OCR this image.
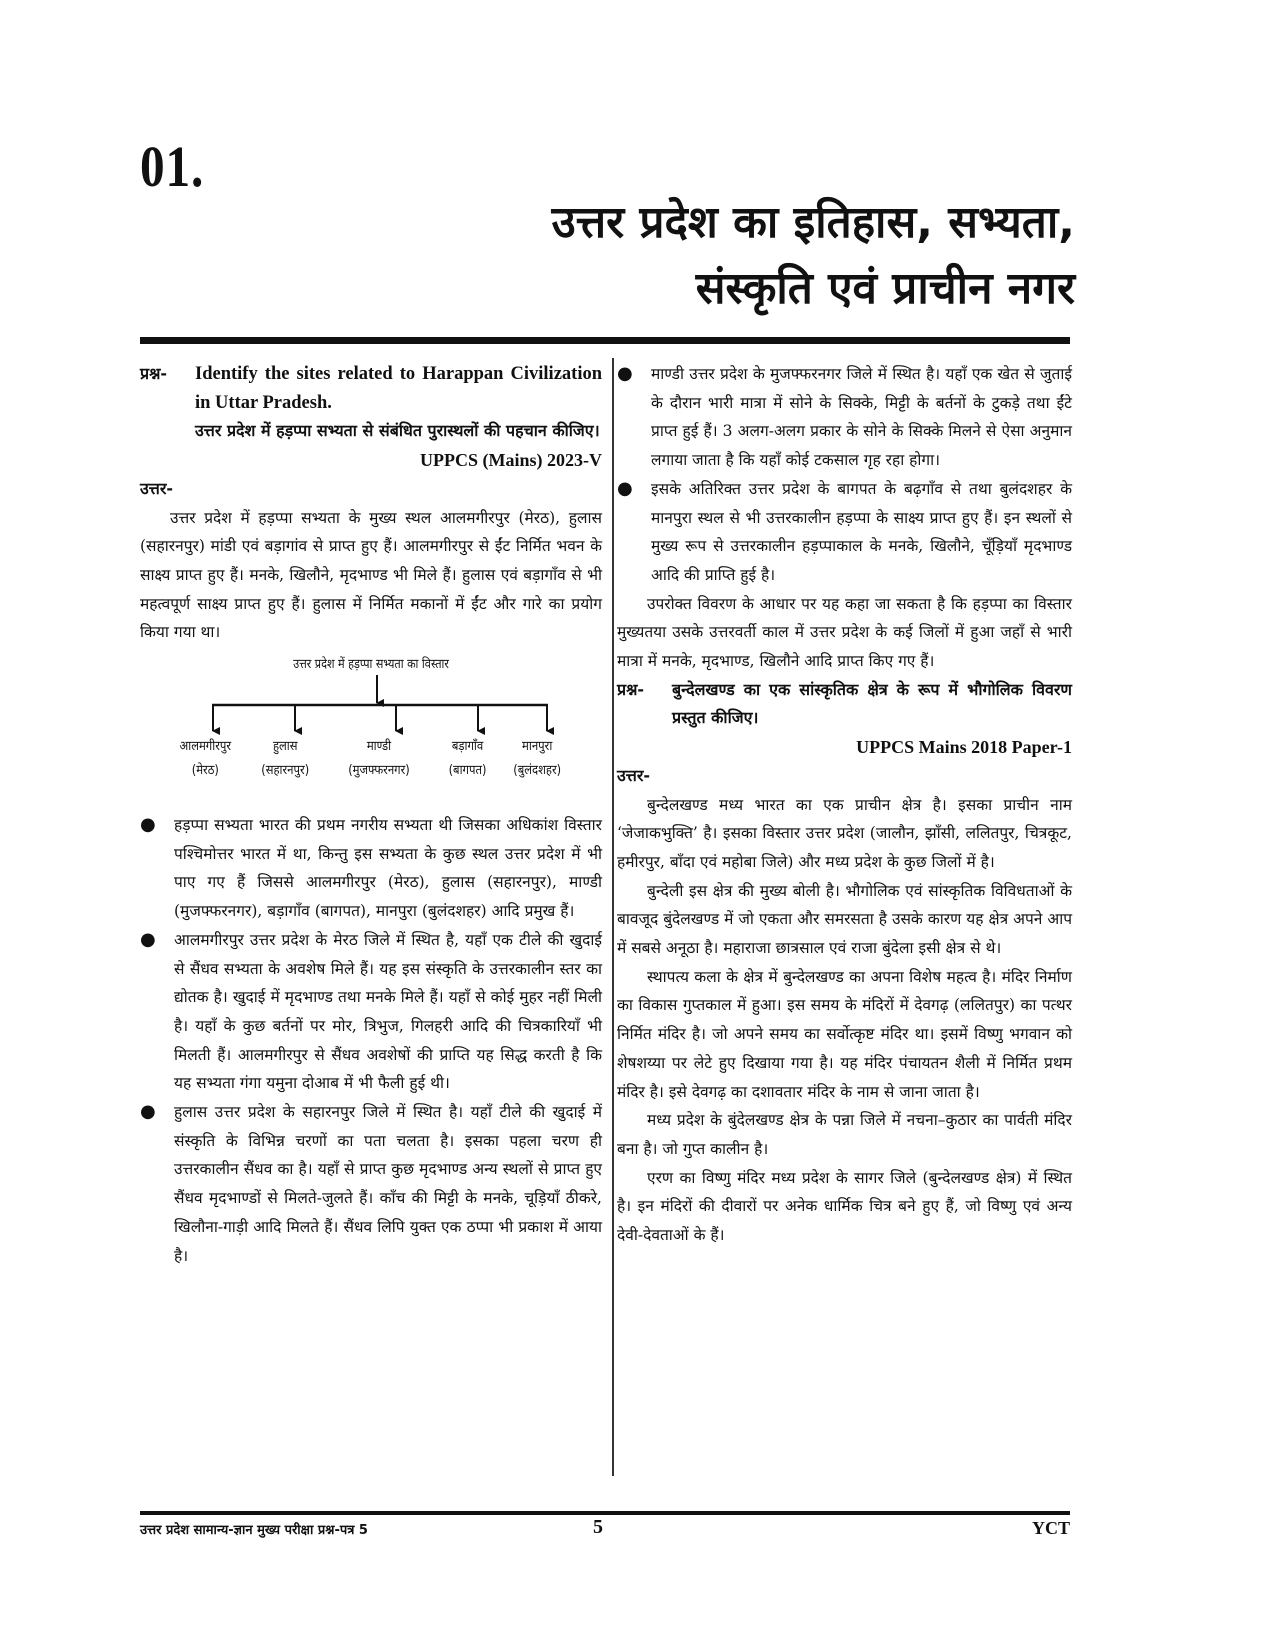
01.
उत्तर प्रदेश का इतिहास, सभ्यता,
संस्कृति एवं प्राचीन नगर
प्रश्न-	Identify the sites related to Harappan Civilization in Uttar Pradesh.
उत्तर प्रदेश में हड़प्पा सभ्यता से संबंधित पुरास्थलों की पहचान कीजिए।
UPPCS (Mains) 2023-V
उत्तर-

उत्तर प्रदेश में हड़प्पा सभ्यता के मुख्य स्थल आलमगीरपुर (मेरठ), हुलास (सहारनपुर) मांडी एवं बड़ागांव से प्राप्त हुए हैं। आलमगीरपुर से ईंट निर्मित भवन के साक्ष्य प्राप्त हुए हैं। मनके, खिलौने, मृदभाण्ड भी मिले हैं। हुलास एवं बड़ागाँव से भी महत्वपूर्ण साक्ष्य प्राप्त हुए हैं। हुलास में निर्मित मकानों में ईंट और गारे का प्रयोग किया गया था।

उत्तर प्रदेश में हड़प्पा सभ्यता का विस्तार
आलमगीरपुर
(मेरठ)
हुलास
(सहारनपुर)
माण्डी
(मुजफ्फरनगर)
बड़ागाँव
(बागपत)
मानपुरा
(बुलंदशहर)
●	हड़प्पा सभ्यता भारत की प्रथम नगरीय सभ्यता थी जिसका अधिकांश विस्तार पश्चिमोत्तर भारत में था, किन्तु इस सभ्यता के कुछ स्थल उत्तर प्रदेश में भी पाए गए हैं जिससे आलमगीरपुर (मेरठ), हुलास (सहारनपुर), माण्डी (मुजफ्फरनगर), बड़ागाँव (बागपत), मानपुरा (बुलंदशहर) आदि प्रमुख हैं।
●	आलमगीरपुर उत्तर प्रदेश के मेरठ जिले में स्थित है, यहाँ एक टीले की खुदाई से सैंधव सभ्यता के अवशेष मिले हैं। यह इस संस्कृति के उत्तरकालीन स्तर का द्योतक है। खुदाई में मृदभाण्ड तथा मनके मिले हैं। यहाँ से कोई मुहर नहीं मिली है। यहाँ के कुछ बर्तनों पर मोर, त्रिभुज, गिलहरी आदि की चित्रकारियाँ भी मिलती हैं। आलमगीरपुर से सैंधव अवशेषों की प्राप्ति यह सिद्ध करती है कि यह सभ्यता गंगा यमुना दोआब में भी फैली हुई थी।
●	हुलास उत्तर प्रदेश के सहारनपुर जिले में स्थित है। यहाँ टीले की खुदाई में संस्कृति के विभिन्न चरणों का पता चलता है। इसका पहला चरण ही उत्तरकालीन सैंधव का है। यहाँ से प्राप्त कुछ मृदभाण्ड अन्य स्थलों से प्राप्त हुए सैंधव मृदभाण्डों से मिलते-जुलते हैं। काँच की मिट्टी के मनके, चूड़ियाँ ठीकरे, खिलौना-गाड़ी आदि मिलते हैं। सैंधव लिपि युक्त एक ठप्पा भी प्रकाश में आया है।
●	माण्डी उत्तर प्रदेश के मुजफ्फरनगर जिले में स्थित है। यहाँ एक खेत से जुताई के दौरान भारी मात्रा में सोने के सिक्के, मिट्टी के बर्तनों के टुकड़े तथा ईंटे प्राप्त हुई हैं। 3 अलग-अलग प्रकार के सोने के सिक्के मिलने से ऐसा अनुमान लगाया जाता है कि यहाँ कोई टकसाल गृह रहा होगा।
●	इसके अतिरिक्त उत्तर प्रदेश के बागपत के बढ़गाँव से तथा बुलंदशहर के मानपुरा स्थल से भी उत्तरकालीन हड़प्पा के साक्ष्य प्राप्त हुए हैं। इन स्थलों से मुख्य रूप से उत्तरकालीन हड़प्पाकाल के मनके, खिलौने, चूँड़ियाँ मृदभाण्ड आदि की प्राप्ति हुई है।

उपरोक्त विवरण के आधार पर यह कहा जा सकता है कि हड़प्पा का विस्तार मुख्यतया उसके उत्तरवर्ती काल में उत्तर प्रदेश के कई जिलों में हुआ जहाँ से भारी मात्रा में मनके, मृदभाण्ड, खिलौने आदि प्राप्त किए गए हैं।

प्रश्न-	बुन्देलखण्ड का एक सांस्कृतिक क्षेत्र के रूप में भौगोलिक विवरण प्रस्तुत कीजिए।
UPPCS Mains 2018 Paper-1
उत्तर-

बुन्देलखण्ड मध्य भारत का एक प्राचीन क्षेत्र है। इसका प्राचीन नाम ‘जेजाकभुक्ति’ है। इसका विस्तार उत्तर प्रदेश (जालौन, झाँसी, ललितपुर, चित्रकूट, हमीरपुर, बाँदा एवं महोबा जिले) और मध्य प्रदेश के कुछ जिलों में है।

बुन्देली इस क्षेत्र की मुख्य बोली है। भौगोलिक एवं सांस्कृतिक विविधताओं के बावजूद बुंदेलखण्ड में जो एकता और समरसता है उसके कारण यह क्षेत्र अपने आप में सबसे अनूठा है। महाराजा छात्रसाल एवं राजा बुंदेला इसी क्षेत्र से थे।

स्थापत्य कला के क्षेत्र में बुन्देलखण्ड का अपना विशेष महत्व है। मंदिर निर्माण का विकास गुप्तकाल में हुआ। इस समय के मंदिरों में देवगढ़ (ललितपुर) का पत्थर निर्मित मंदिर है। जो अपने समय का सर्वोत्कृष्ट मंदिर था। इसमें विष्णु भगवान को शेषशय्या पर लेटे हुए दिखाया गया है। यह मंदिर पंचायतन शैली में निर्मित प्रथम मंदिर है। इसे देवगढ़ का दशावतार मंदिर के नाम से जाना जाता है।

मध्य प्रदेश के बुंदेलखण्ड क्षेत्र के पन्ना जिले में नचना–कुठार का पार्वती मंदिर बना है। जो गुप्त कालीन है।

एरण का विष्णु मंदिर मध्य प्रदेश के सागर जिले (बुन्देलखण्ड क्षेत्र) में स्थित है। इन मंदिरों की दीवारों पर अनेक धार्मिक चित्र बने हुए हैं, जो विष्णु एवं अन्य देवी-देवताओं के हैं।

उत्तर प्रदेश सामान्य-ज्ञान मुख्य परीक्षा प्रश्न-पत्र 5	5	YCT
